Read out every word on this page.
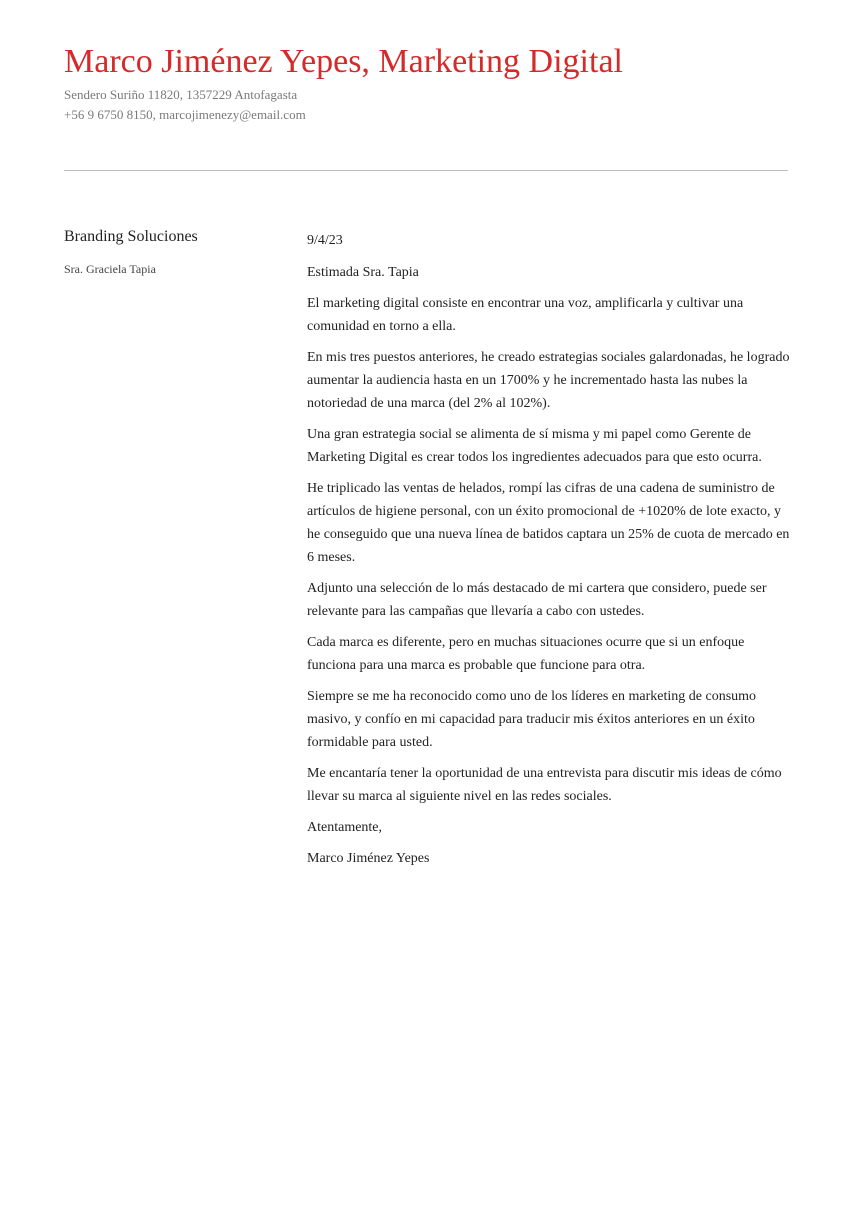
Marco Jiménez Yepes, Marketing Digital
Sendero Suriño 11820, 1357229 Antofagasta
+56 9 6750 8150, marcojimenezy@email.com
Branding Soluciones
Sra. Graciela Tapia

9/4/23

Estimada Sra. Tapia

El marketing digital consiste en encontrar una voz, amplificarla y cultivar una comunidad en torno a ella.

En mis tres puestos anteriores, he creado estrategias sociales galardonadas, he logrado aumentar la audiencia hasta en un 1700% y he incrementado hasta las nubes la notoriedad de una marca (del 2% al 102%).

Una gran estrategia social se alimenta de sí misma y mi papel como Gerente de Marketing Digital es crear todos los ingredientes adecuados para que esto ocurra.

He triplicado las ventas de helados, rompí las cifras de una cadena de suministro de artículos de higiene personal, con un éxito promocional de +1020% de lote exacto, y he conseguido que una nueva línea de batidos captara un 25% de cuota de mercado en 6 meses.

Adjunto una selección de lo más destacado de mi cartera que considero, puede ser relevante para las campañas que llevaría a cabo con ustedes.

Cada marca es diferente, pero en muchas situaciones ocurre que si un enfoque funciona para una marca es probable que funcione para otra.

Siempre se me ha reconocido como uno de los líderes en marketing de consumo masivo, y confío en mi capacidad para traducir mis éxitos anteriores en un éxito formidable para usted.

Me encantaría tener la oportunidad de una entrevista para discutir mis ideas de cómo llevar su marca al siguiente nivel en las redes sociales.

Atentamente,

Marco Jiménez Yepes
